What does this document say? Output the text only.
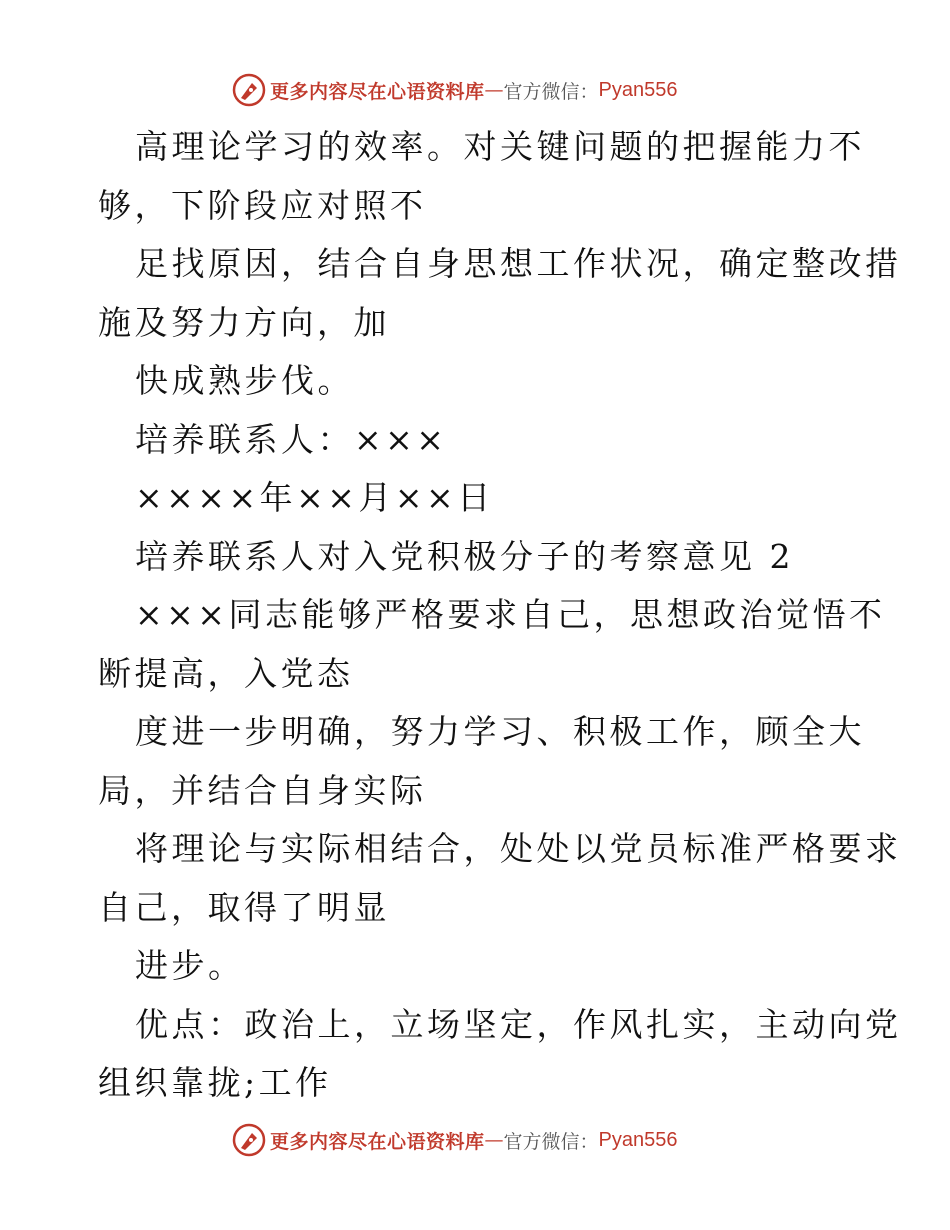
更多内容尽在心语资料库 — 官方微信： Pyan556
高理论学习的效率。对关键问题的把握能力不
够，下阶段应对照不
足找原因，结合自身思想工作状况，确定整改措
施及努力方向，加
快成熟步伐。
培养联系人：×××
××××年××月××日
培养联系人对入党积极分子的考察意见 2
×××同志能够严格要求自己，思想政治觉悟不
断提高，入党态
度进一步明确，努力学习、积极工作，顾全大
局，并结合自身实际
将理论与实际相结合，处处以党员标准严格要求
自己，取得了明显
进步。
优点：政治上，立场坚定，作风扎实，主动向党
组织靠拢;工作
更多内容尽在心语资料库 — 官方微信： Pyan556
